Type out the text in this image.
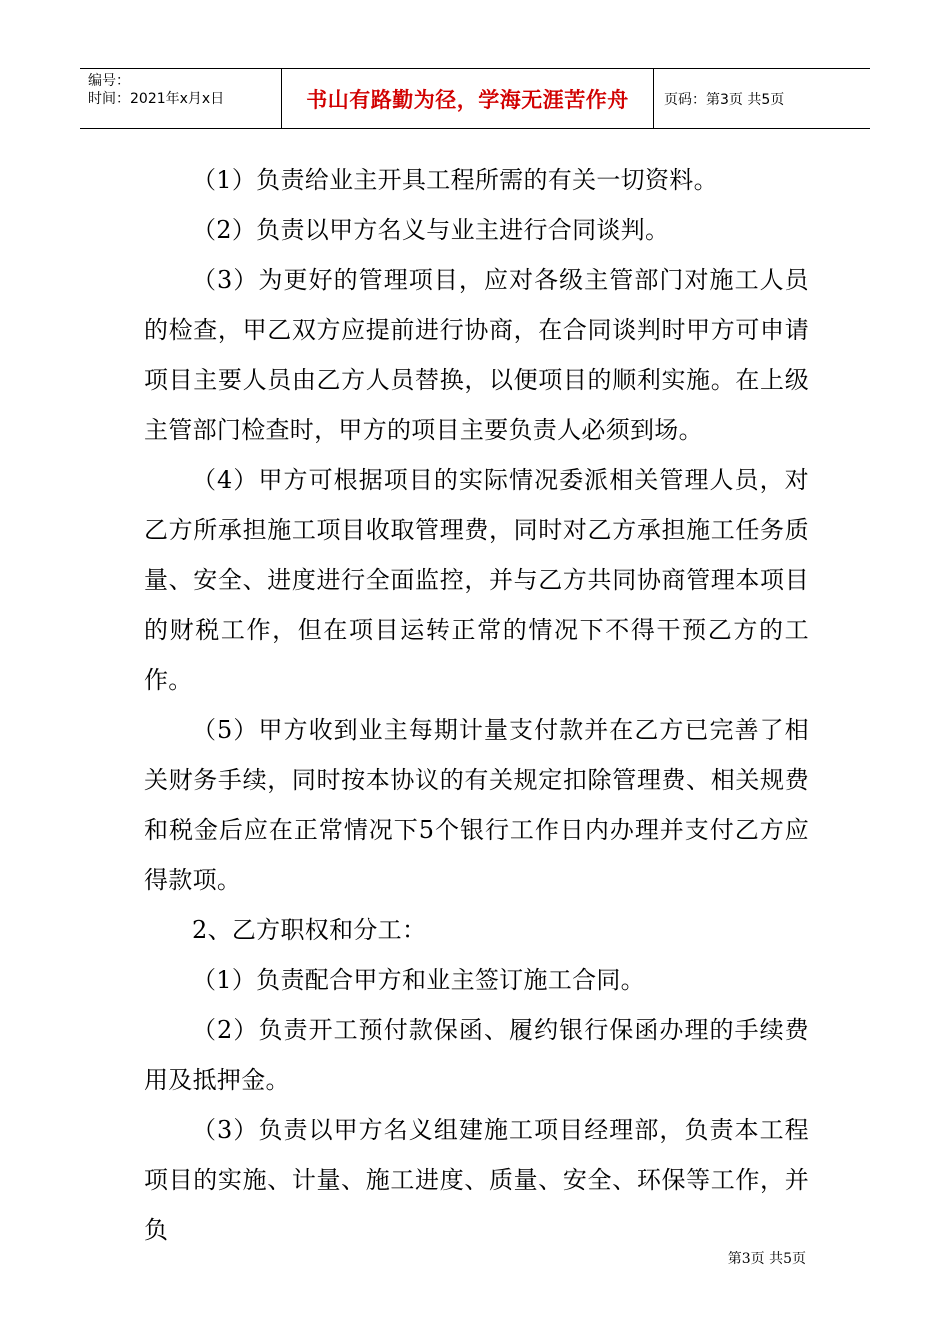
编号：
时间：2021年x月x日	书山有路勤为径，学海无涯苦作舟	页码：第3页 共5页

（1）负责给业主开具工程所需的有关一切资料。

（2）负责以甲方名义与业主进行合同谈判。

（3）为更好的管理项目，应对各级主管部门对施工人员的检查，甲乙双方应提前进行协商，在合同谈判时甲方可申请项目主要人员由乙方人员替换，以便项目的顺利实施。在上级主管部门检查时，甲方的项目主要负责人必须到场。

（4）甲方可根据项目的实际情况委派相关管理人员，对乙方所承担施工项目收取管理费，同时对乙方承担施工任务质量、安全、进度进行全面监控，并与乙方共同协商管理本项目的财税工作，但在项目运转正常的情况下不得干预乙方的工作。

（5）甲方收到业主每期计量支付款并在乙方已完善了相关财务手续，同时按本协议的有关规定扣除管理费、相关规费和税金后应在正常情况下5个银行工作日内办理并支付乙方应得款项。

2、乙方职权和分工：

（1）负责配合甲方和业主签订施工合同。

（2）负责开工预付款保函、履约银行保函办理的手续费用及抵押金。

（3）负责以甲方名义组建施工项目经理部，负责本工程项目的实施、计量、施工进度、质量、安全、环保等工作，并负

第3页 共5页
